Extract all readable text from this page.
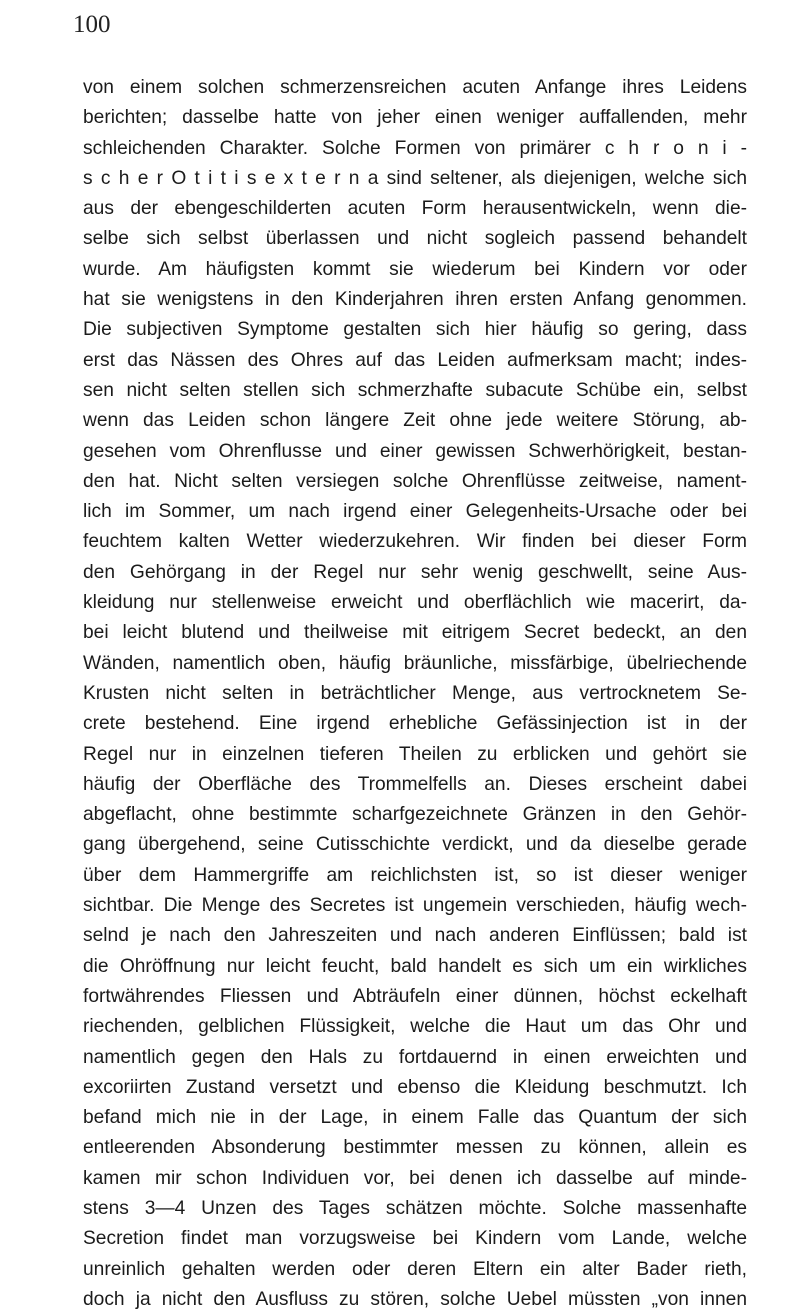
100
von einem solchen schmerzensreichen acuten Anfange ihres Leidens
berichten; dasselbe hatte von jeher einen weniger auffallenden, mehr
schleichenden Charakter. Solche Formen von primärer c h r o n i -
s c h e r O t i t i s e x t e r n a sind seltener, als diejenigen, welche sich
aus der ebengeschilderten acuten Form herausentwickeln, wenn die-
selbe sich selbst überlassen und nicht sogleich passend behandelt
wurde. Am häufigsten kommt sie wiederum bei Kindern vor oder
hat sie wenigstens in den Kinderjahren ihren ersten Anfang genommen.
Die subjectiven Symptome gestalten sich hier häufig so gering, dass
erst das Nässen des Ohres auf das Leiden aufmerksam macht; indes-
sen nicht selten stellen sich schmerzhafte subacute Schübe ein, selbst
wenn das Leiden schon längere Zeit ohne jede weitere Störung, ab-
gesehen vom Ohrenflusse und einer gewissen Schwerhörigkeit, bestan-
den hat. Nicht selten versiegen solche Ohrenflüsse zeitweise, nament-
lich im Sommer, um nach irgend einer Gelegenheits-Ursache oder bei
feuchtem kalten Wetter wiederzukehren. Wir finden bei dieser Form
den Gehörgang in der Regel nur sehr wenig geschwellt, seine Aus-
kleidung nur stellenweise erweicht und oberflächlich wie macerirt, da-
bei leicht blutend und theilweise mit eitrigem Secret bedeckt, an den
Wänden, namentlich oben, häufig bräunliche, missfärbige, übelriechende
Krusten nicht selten in beträchtlicher Menge, aus vertrocknetem Se-
crete bestehend. Eine irgend erhebliche Gefässinjection ist in der
Regel nur in einzelnen tieferen Theilen zu erblicken und gehört sie
häufig der Oberfläche des Trommelfells an. Dieses erscheint dabei
abgeflacht, ohne bestimmte scharfgezeichnete Gränzen in den Gehör-
gang übergehend, seine Cutisschichte verdickt, und da dieselbe gerade
über dem Hammergriffe am reichlichsten ist, so ist dieser weniger
sichtbar. Die Menge des Secretes ist ungemein verschieden, häufig wech-
selnd je nach den Jahreszeiten und nach anderen Einflüssen; bald ist
die Ohröffnung nur leicht feucht, bald handelt es sich um ein wirkliches
fortwährendes Fliessen und Abträufeln einer dünnen, höchst eckelhaft
riechenden, gelblichen Flüssigkeit, welche die Haut um das Ohr und
namentlich gegen den Hals zu fortdauernd in einen erweichten und
excoriirten Zustand versetzt und ebenso die Kleidung beschmutzt. Ich
befand mich nie in der Lage, in einem Falle das Quantum der sich
entleerenden Absonderung bestimmter messen zu können, allein es
kamen mir schon Individuen vor, bei denen ich dasselbe auf minde-
stens 3—4 Unzen des Tages schätzen möchte. Solche massenhafte
Secretion findet man vorzugsweise bei Kindern vom Lande, welche
unreinlich gehalten werden oder deren Eltern ein alter Bader rieth,
doch ja nicht den Ausfluss zu stören, solche Uebel müssten „von innen
